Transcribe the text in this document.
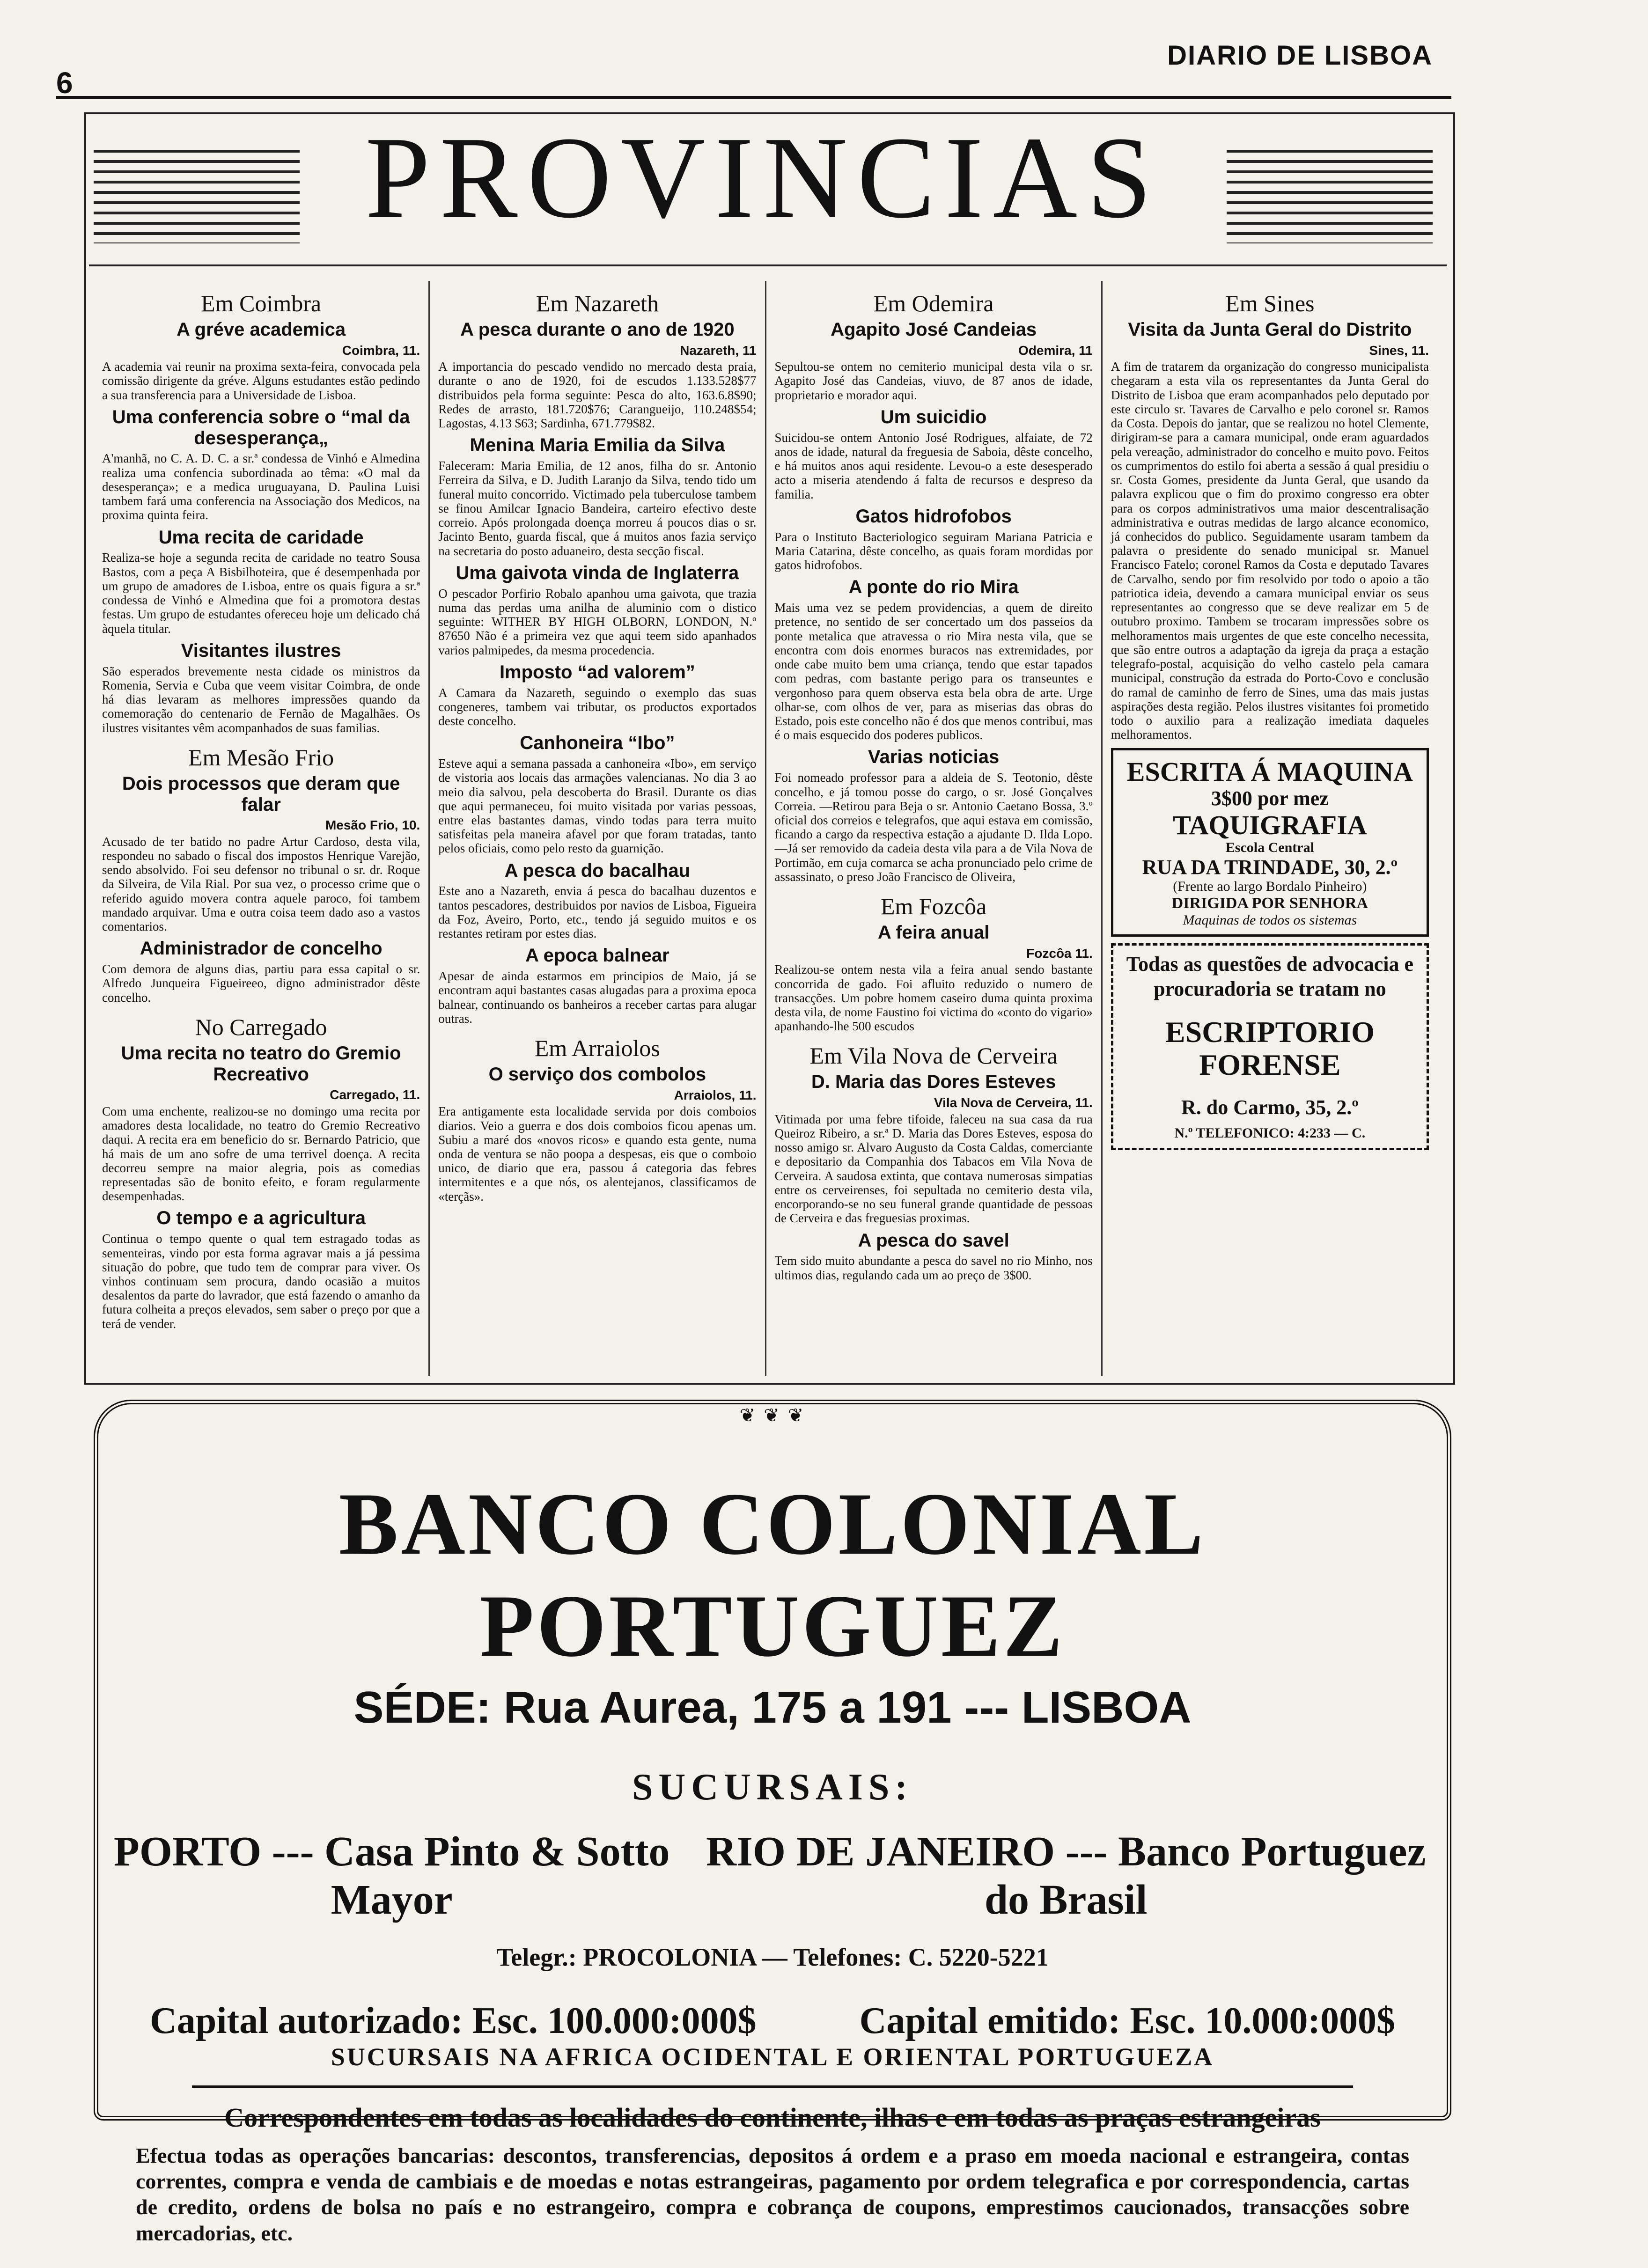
6
DIARIO DE LISBOA
PROVINCIAS
Em Coimbra
A gréve academica
Coimbra, 11.
A academia vai reunir na proxima sexta-feira, convocada pela comissão dirigente da gréve. Alguns estudantes estão pedindo a sua transferencia para a Universidade de Lisboa.
Uma conferencia sobre o “mal da desesperança„
A'manhã, no C. A. D. C. a sr.ª condessa de Vinhó e Almedina realiza uma confencia subordinada ao têma: «O mal da desesperança»; e a medica uruguayana, D. Paulina Luisi tambem fará uma conferencia na Associação dos Medicos, na proxima quinta feira.
Uma recita de caridade
Realiza-se hoje a segunda recita de caridade no teatro Sousa Bastos, com a peça A Bisbilhoteira, que é desempenhada por um grupo de amadores de Lisboa, entre os quais figura a sr.ª condessa de Vinhó e Almedina que foi a promotora destas festas. Um grupo de estudantes ofereceu hoje um delicado chá àquela titular.
Visitantes ilustres
São esperados brevemente nesta cidade os ministros da Romenia, Servia e Cuba que veem visitar Coimbra, de onde há dias levaram as melhores impressões quando da comemoração do centenario de Fernão de Magalhães. Os ilustres visitantes vêm acompanhados de suas familias.
Em Mesão Frio
Dois processos que deram que falar
Mesão Frio, 10.
Acusado de ter batido no padre Artur Cardoso, desta vila, respondeu no sabado o fiscal dos impostos Henrique Varejão, sendo absolvido. Foi seu defensor no tribunal o sr. dr. Roque da Silveira, de Vila Rial. Por sua vez, o processo crime que o referido aguido movera contra aquele paroco, foi tambem mandado arquivar. Uma e outra coisa teem dado aso a vastos comentarios.
Administrador de concelho
Com demora de alguns dias, partiu para essa capital o sr. Alfredo Junqueira Figueireeo, digno administrador dêste concelho.
No Carregado
Uma recita no teatro do Gremio Recreativo
Carregado, 11.
Com uma enchente, realizou-se no domingo uma recita por amadores desta localidade, no teatro do Gremio Recreativo daqui. A recita era em beneficio do sr. Bernardo Patricio, que há mais de um ano sofre de uma terrivel doença. A recita decorreu sempre na maior alegria, pois as comedias representadas são de bonito efeito, e foram regularmente desempenhadas.
O tempo e a agricultura
Continua o tempo quente o qual tem estragado todas as sementeiras, vindo por esta forma agravar mais a já pessima situação do pobre, que tudo tem de comprar para viver. Os vinhos continuam sem procura, dando ocasião a muitos desalentos da parte do lavrador, que está fazendo o amanho da futura colheita a preços elevados, sem saber o preço por que a terá de vender.
Em Nazareth
A pesca durante o ano de 1920
Nazareth, 11
A importancia do pescado vendido no mercado desta praia, durante o ano de 1920, foi de escudos 1.133.528$77 distribuidos pela forma seguinte: Pesca do alto, 163.6.8$90; Redes de arrasto, 181.720$76; Carangueijo, 110.248$54; Lagostas, 4.13 $63; Sardinha, 671.779$82.
Menina Maria Emilia da Silva
Faleceram: Maria Emilia, de 12 anos, filha do sr. Antonio Ferreira da Silva, e D. Judith Laranjo da Silva, tendo tido um funeral muito concorrido. Victimado pela tuberculose tambem se finou Amilcar Ignacio Bandeira, carteiro efectivo deste correio. Após prolongada doença morreu á poucos dias o sr. Jacinto Bento, guarda fiscal, que á muitos anos fazia serviço na secretaria do posto aduaneiro, desta secção fiscal.
Uma gaivota vinda de Inglaterra
O pescador Porfirio Robalo apanhou uma gaivota, que trazia numa das perdas uma anilha de aluminio com o distico seguinte: WITHER BY HIGH OLBORN, LONDON, N.º 87650 Não é a primeira vez que aqui teem sido apanhados varios palmipedes, da mesma procedencia.
Imposto “ad valorem”
A Camara da Nazareth, seguindo o exemplo das suas congeneres, tambem vai tributar, os productos exportados deste concelho.
Canhoneira “Ibo”
Esteve aqui a semana passada a canhoneira «Ibo», em serviço de vistoria aos locais das armações valencianas. No dia 3 ao meio dia salvou, pela descoberta do Brasil. Durante os dias que aqui permaneceu, foi muito visitada por varias pessoas, entre elas bastantes damas, vindo todas para terra muito satisfeitas pela maneira afavel por que foram tratadas, tanto pelos oficiais, como pelo resto da guarnição.
A pesca do bacalhau
Este ano a Nazareth, envia á pesca do bacalhau duzentos e tantos pescadores, destribuidos por navios de Lisboa, Figueira da Foz, Aveiro, Porto, etc., tendo já seguido muitos e os restantes retiram por estes dias.
A epoca balnear
Apesar de ainda estarmos em principios de Maio, já se encontram aqui bastantes casas alugadas para a proxima epoca balnear, continuando os banheiros a receber cartas para alugar outras.
Em Arraiolos
O serviço dos combolos
Arraiolos, 11.
Era antigamente esta localidade servida por dois comboios diarios. Veio a guerra e dos dois comboios ficou apenas um. Subiu a maré dos «novos ricos» e quando esta gente, numa onda de ventura se não poopa a despesas, eis que o comboio unico, de diario que era, passou á categoria das febres intermitentes e a que nós, os alentejanos, classificamos de «terçãs».
Em Odemira
Agapito José Candeias
Odemira, 11
Sepultou-se ontem no cemiterio municipal desta vila o sr. Agapito José das Candeias, viuvo, de 87 anos de idade, proprietario e morador aqui.
Um suicidio
Suicidou-se ontem Antonio José Rodrigues, alfaiate, de 72 anos de idade, natural da freguesia de Saboia, dêste concelho, e há muitos anos aqui residente. Levou-o a este desesperado acto a miseria atendendo á falta de recursos e despreso da familia.
Gatos hidrofobos
Para o Instituto Bacteriologico seguiram Mariana Patricia e Maria Catarina, dêste concelho, as quais foram mordidas por gatos hidrofobos.
A ponte do rio Mira
Mais uma vez se pedem providencias, a quem de direito pretence, no sentido de ser concertado um dos passeios da ponte metalica que atravessa o rio Mira nesta vila, que se encontra com dois enormes buracos nas extremidades, por onde cabe muito bem uma criança, tendo que estar tapados com pedras, com bastante perigo para os transeuntes e vergonhoso para quem observa esta bela obra de arte. Urge olhar-se, com olhos de ver, para as miserias das obras do Estado, pois este concelho não é dos que menos contribui, mas é o mais esquecido dos poderes publicos.
Varias noticias
Foi nomeado professor para a aldeia de S. Teotonio, dêste concelho, e já tomou posse do cargo, o sr. José Gonçalves Correia. —Retirou para Beja o sr. Antonio Caetano Bossa, 3.º oficial dos correios e telegrafos, que aqui estava em comissão, ficando a cargo da respectiva estação a ajudante D. Ilda Lopo. —Já ser removido da cadeia desta vila para a de Vila Nova de Portimão, em cuja comarca se acha pronunciado pelo crime de assassinato, o preso João Francisco de Oliveira,
Em Fozcôa
A feira anual
Fozcôa 11.
Realizou-se ontem nesta vila a feira anual sendo bastante concorrida de gado. Foi afluito reduzido o numero de transacções. Um pobre homem caseiro duma quinta proxima desta vila, de nome Faustino foi victima do «conto do vigario» apanhando-lhe 500 escudos
Em Vila Nova de Cerveira
D. Maria das Dores Esteves
Vila Nova de Cerveira, 11.
Vitimada por uma febre tifoide, faleceu na sua casa da rua Queiroz Ribeiro, a sr.ª D. Maria das Dores Esteves, esposa do nosso amigo sr. Alvaro Augusto da Costa Caldas, comerciante e depositario da Companhia dos Tabacos em Vila Nova de Cerveira. A saudosa extinta, que contava numerosas simpatias entre os cerveirenses, foi sepultada no cemiterio desta vila, encorporando-se no seu funeral grande quantidade de pessoas de Cerveira e das freguesias proximas.
A pesca do savel
Tem sido muito abundante a pesca do savel no rio Minho, nos ultimos dias, regulando cada um ao preço de 3$00.
Em Sines
Visita da Junta Geral do Distrito
Sines, 11.
A fim de tratarem da organização do congresso municipalista chegaram a esta vila os representantes da Junta Geral do Distrito de Lisboa que eram acompanhados pelo deputado por este circulo sr. Tavares de Carvalho e pelo coronel sr. Ramos da Costa. Depois do jantar, que se realizou no hotel Clemente, dirigiram-se para a camara municipal, onde eram aguardados pela vereação, administrador do concelho e muito povo. Feitos os cumprimentos do estilo foi aberta a sessão á qual presidiu o sr. Costa Gomes, presidente da Junta Geral, que usando da palavra explicou que o fim do proximo congresso era obter para os corpos administrativos uma maior descentralisação administrativa e outras medidas de largo alcance economico, já conhecidos do publico. Seguidamente usaram tambem da palavra o presidente do senado municipal sr. Manuel Francisco Fatelo; coronel Ramos da Costa e deputado Tavares de Carvalho, sendo por fim resolvido por todo o apoio a tão patriotica ideia, devendo a camara municipal enviar os seus representantes ao congresso que se deve realizar em 5 de outubro proximo. Tambem se trocaram impressões sobre os melhoramentos mais urgentes de que este concelho necessita, que são entre outros a adaptação da igreja da praça a estação telegrafo-postal, acquisição do velho castelo pela camara municipal, construção da estrada do Porto-Covo e conclusão do ramal de caminho de ferro de Sines, uma das mais justas aspirações desta região. Pelos ilustres visitantes foi prometido todo o auxilio para a realização imediata daqueles melhoramentos.
ESCRITA Á MAQUINA
3$00 por mez
TAQUIGRAFIA
Escola Central
RUA DA TRINDADE, 30, 2.º
(Frente ao largo Bordalo Pinheiro)
DIRIGIDA POR SENHORA
Maquinas de todos os sistemas
Todas as questões de advocacia e procuradoria se tratam no
ESCRIPTORIO FORENSE
R. do Carmo, 35, 2.º
N.º TELEFONICO: 4:233 — C.
❦ ❦ ❦
BANCO COLONIAL PORTUGUEZ
SÉDE: Rua Aurea, 175 a 191 --- LISBOA
SUCURSAIS:
PORTO --- Casa Pinto & Sotto Mayor
RIO DE JANEIRO --- Banco Portuguez do Brasil
Telegr.: PROCOLONIA — Telefones: C. 5220-5221
Capital autorizado: Esc. 100.000:000$	Capital emitido: Esc. 10.000:000$
SUCURSAIS NA AFRICA OCIDENTAL E ORIENTAL PORTUGUEZA
Correspondentes em todas as localidades do continente, ilhas e em todas as praças estrangeiras
Efectua todas as operações bancarias: descontos, transferencias, depositos á ordem e a praso em moeda nacional e estrangeira, contas correntes, compra e venda de cambiais e de moedas e notas estrangeiras, pagamento por ordem telegrafica e por correspondencia, cartas de credito, ordens de bolsa no país e no estrangeiro, compra e cobrança de coupons, emprestimos caucionados, transacções sobre mercadorias, etc.
